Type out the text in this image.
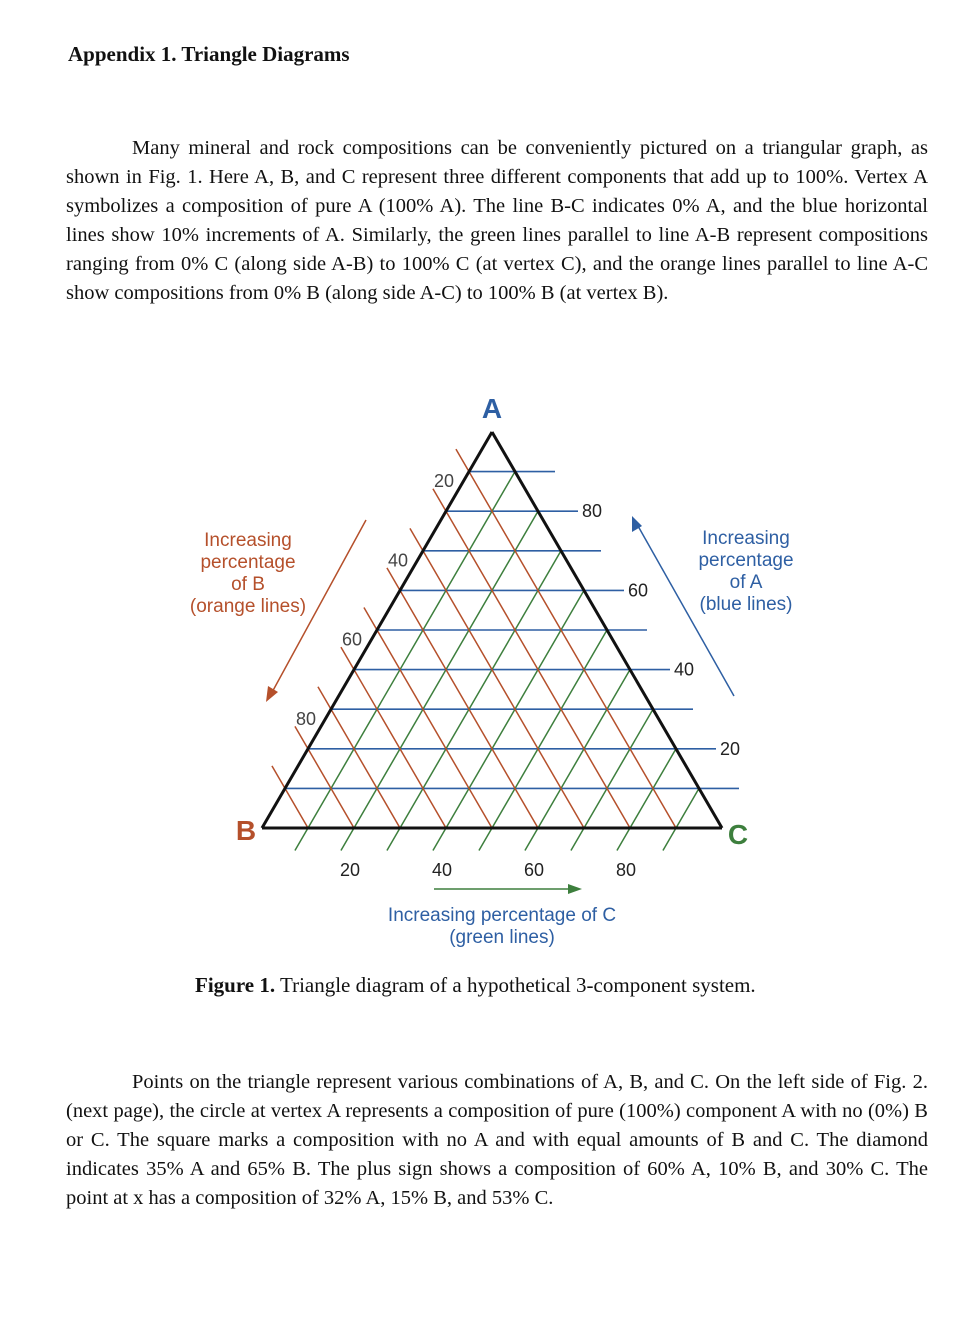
Appendix 1. Triangle Diagrams

Many mineral and rock compositions can be conveniently pictured on a triangular graph, as shown in Fig. 1. Here A, B, and C represent three different components that add up to 100%. Vertex A symbolizes a composition of pure A (100% A). The line B-C indicates 0% A, and the blue horizontal lines show 10% increments of A. Similarly, the green lines parallel to line A-B represent compositions ranging from 0% C (along side A-B) to 100% C (at vertex C), and the orange lines parallel to line A-C show compositions from 0% B (along side A-C) to 100% B (at vertex B).

A
B	C
20
40
60
80
20	40	60	80
20
40
60
80
Increasing
percentage
of B
(orange lines)
Increasing
percentage
of A
(blue lines)
Increasing percentage of C
(green lines)
Figure 1. Triangle diagram of a hypothetical 3-component system.

Points on the triangle represent various combinations of A, B, and C. On the left side of Fig. 2. (next page), the circle at vertex A represents a composition of pure (100%) component A with no (0%) B or C. The square marks a composition with no A and with equal amounts of B and C. The diamond indicates 35% A and 65% B. The plus sign shows a composition of 60% A, 10% B, and 30% C. The point at x has a composition of 32% A, 15% B, and 53% C.
